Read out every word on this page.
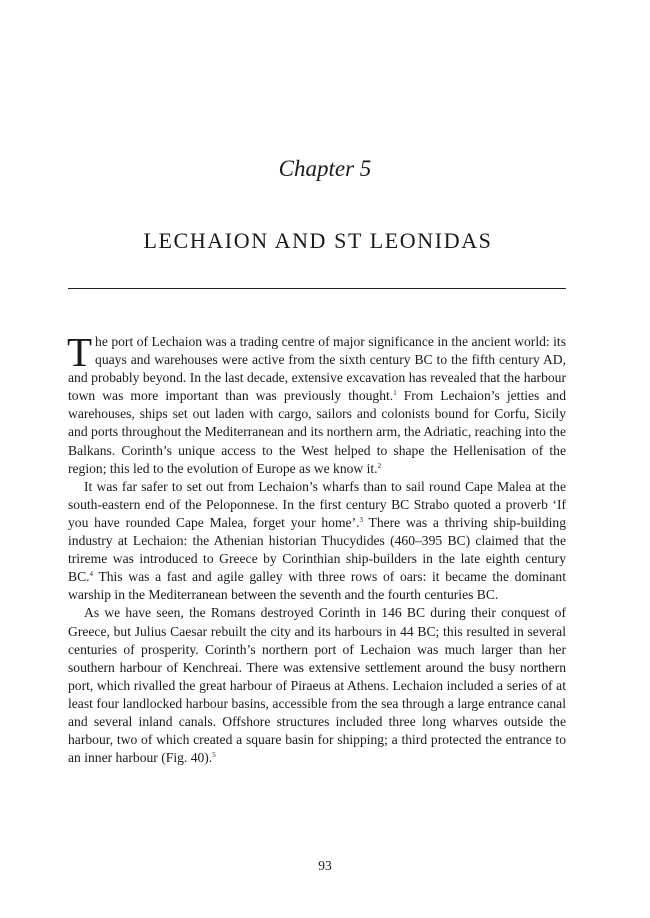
Chapter 5
LECHAION AND ST LEONIDAS

The port of Lechaion was a trading centre of major significance in the ancient world: its quays and warehouses were active from the sixth century BC to the fifth century AD, and probably beyond. In the last decade, extensive excavation has revealed that the harbour town was more important than was previously thought.$^1$ From Lechaion’s jetties and warehouses, ships set out laden with cargo, sailors and colonists bound for Corfu, Sicily and ports throughout the Mediterranean and its northern arm, the Adriatic, reaching into the Balkans. Corinth’s unique access to the West helped to shape the Hellenisation of the region; this led to the evolution of Europe as we know it.$^2$

It was far safer to set out from Lechaion’s wharfs than to sail round Cape Malea at the south-eastern end of the Peloponnese. In the first century BC Strabo quoted a proverb ‘If you have rounded Cape Malea, forget your home’.$^3$ There was a thriving ship-building industry at Lechaion: the Athenian historian Thucydides (460–395 BC) claimed that the trireme was introduced to Greece by Corinthian ship-builders in the late eighth century BC.$^4$ This was a fast and agile galley with three rows of oars: it became the dominant warship in the Mediterranean between the seventh and the fourth centuries BC.

As we have seen, the Romans destroyed Corinth in 146 BC during their conquest of Greece, but Julius Caesar rebuilt the city and its harbours in 44 BC; this resulted in several centuries of prosperity. Corinth’s northern port of Lechaion was much larger than her southern harbour of Kenchreai. There was extensive settlement around the busy northern port, which rivalled the great harbour of Piraeus at Athens. Lechaion included a series of at least four landlocked harbour basins, accessible from the sea through a large entrance canal and several inland canals. Offshore structures included three long wharves outside the harbour, two of which created a square basin for shipping; a third protected the entrance to an inner harbour (Fig. 40).$^5$

93
